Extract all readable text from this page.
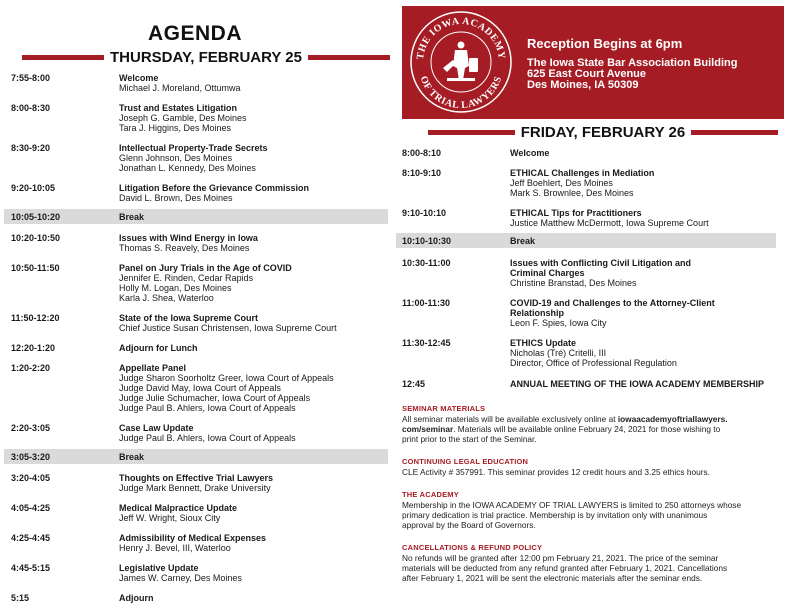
AGENDA
THURSDAY, FEBRUARY 25
7:55-8:00	Welcome
Michael J. Moreland, Ottumwa
8:00-8:30	Trust and Estates Litigation
Joseph G. Gamble, Des Moines
Tara J. Higgins, Des Moines
8:30-9:20	Intellectual Property-Trade Secrets
Glenn Johnson, Des Moines
Jonathan L. Kennedy, Des Moines
9:20-10:05	Litigation Before the Grievance Commission
David L. Brown, Des Moines
10:05-10:20	Break
10:20-10:50	Issues with Wind Energy in Iowa
Thomas S. Reavely, Des Moines
10:50-11:50	Panel on Jury Trials in the Age of COVID
Jennifer E. Rinden, Cedar Rapids
Holly M. Logan, Des Moines
Karla J. Shea, Waterloo
11:50-12:20	State of the Iowa Supreme Court
Chief Justice Susan Christensen, Iowa Supreme Court
12:20-1:20	Adjourn for Lunch
1:20-2:20	Appellate Panel
Judge Sharon Soorholtz Greer, Iowa Court of Appeals
Judge David May, Iowa Court of Appeals
Judge Julie Schumacher, Iowa Court of Appeals
Judge Paul B. Ahlers, Iowa Court of Appeals
2:20-3:05	Case Law Update
Judge Paul B. Ahlers, Iowa Court of Appeals
3:05-3:20	Break
3:20-4:05	Thoughts on Effective Trial Lawyers
Judge Mark Bennett, Drake University
4:05-4:25	Medical Malpractice Update
Jeff W. Wright, Sioux City
4:25-4:45	Admissibility of Medical Expenses
Henry J. Bevel, III, Waterloo
4:45-5:15	Legislative Update
James W. Carney, Des Moines
5:15	Adjourn
THE IOWA ACADEMY
OF TRIAL LAWYERS
Reception Begins at 6pm
The Iowa State Bar Association Building
625 East Court Avenue
Des Moines, IA 50309
FRIDAY, FEBRUARY 26
8:00-8:10	Welcome
8:10-9:10	ETHICAL Challenges in Mediation
Jeff Boehlert, Des Moines
Mark S. Brownlee, Des Moines
9:10-10:10	ETHICAL Tips for Practitioners
Justice Matthew McDermott, Iowa Supreme Court
10:10-10:30	Break
10:30-11:00	Issues with Conflicting Civil Litigation and
Criminal Charges
Christine Branstad, Des Moines
11:00-11:30	COVID-19 and Challenges to the Attorney-Client
Relationship
Leon F. Spies, Iowa City
11:30-12:45	ETHICS Update
Nicholas (Tré) Critelli, III
Director, Office of Professional Regulation
12:45	ANNUAL MEETING OF THE IOWA ACADEMY MEMBERSHIP
SEMINAR MATERIALS
All seminar materials will be available exclusively online at iowaacademyoftriallawyers.
com/seminar. Materials will be available online February 24, 2021 for those wishing to
print prior to the start of the Seminar.
CONTINUING LEGAL EDUCATION
CLE Activity # 357991. This seminar provides 12 credit hours and 3.25 ethics hours.
THE ACADEMY
Membership in the IOWA ACADEMY OF TRIAL LAWYERS is limited to 250 attorneys whose
primary dedication is trial practice. Membership is by invitation only with unanimous
approval by the Board of Governors.
CANCELLATIONS & REFUND POLICY
No refunds will be granted after 12:00 pm February 21, 2021. The price of the seminar
materials will be deducted from any refund granted after February 1, 2021. Cancellations
after February 1, 2021 will be sent the electronic materials after the seminar ends.
